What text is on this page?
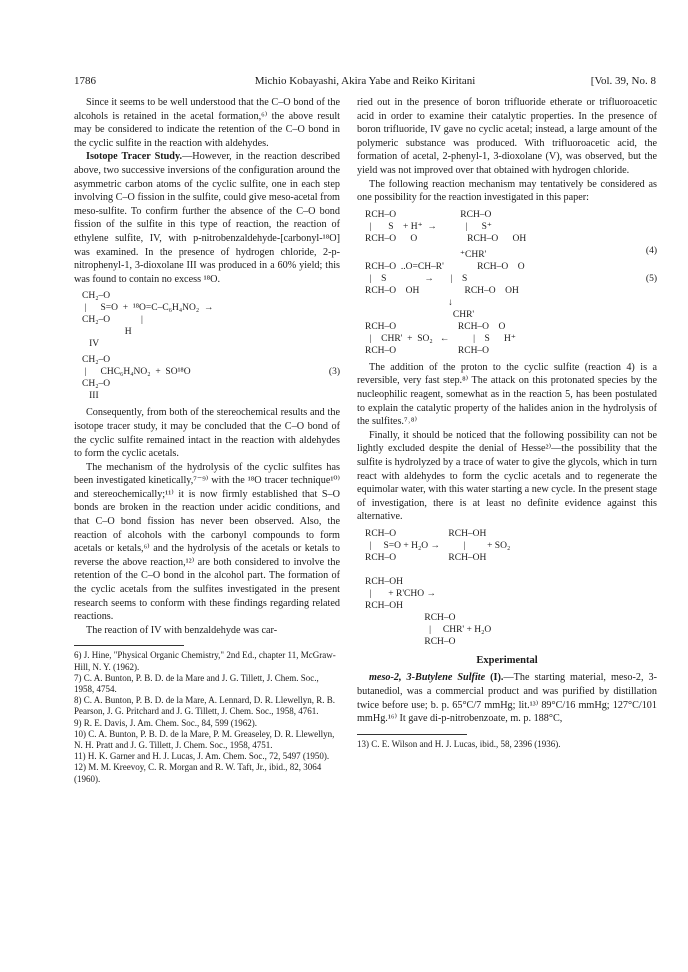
1786	Michio Kobayashi, Akira Yabe and Reiko Kiritani	[Vol. 39, No. 8

Since it seems to be well understood that the C–O bond of the alcohols is retained in the acetal formation,⁶⁾ the above result may be considered to indicate the retention of the C–O bond in the cyclic sulfite in the reaction with aldehydes.

Isotope Tracer Study.—However, in the reaction described above, two successive inversions of the configuration around the asymmetric carbon atoms of the cyclic sulfite, one in each step involving C–O fission in the sulfite, could give meso-acetal from meso-sulfite. To confirm further the absence of the C–O bond fission of the sulfite in this type of reaction, the reaction of ethylene sulfite, IV, with p-nitrobenzaldehyde-[carbonyl-¹⁸O] was examined. In the presence of hydrogen chloride, 2-p-nitrophenyl-1, 3-dioxolane III was produced in a 60% yield; this was found to contain no excess ¹⁸O.

CH₂–O
|      S=O  +  ¹⁸O=C–C₆H₄NO₂  →
CH₂–O             |
H
IV
CH₂–O
|      CHC₆H₄NO₂  +  SO¹⁸O
CH₂–O
III
(3)

Consequently, from both of the stereochemical results and the isotope tracer study, it may be concluded that the C–O bond of the cyclic sulfite remained intact in the reaction with aldehydes to form the cyclic acetals.

The mechanism of the hydrolysis of the cyclic sulfites has been investigated kinetically,⁷⁻⁹⁾ with the ¹⁸O tracer technique¹⁰⁾ and stereochemically;¹¹⁾ it is now firmly established that S–O bonds are broken in the reaction under acidic conditions, and that C–O bond fission has never been observed. Also, the reaction of alcohols with the carbonyl compounds to form acetals or ketals,⁶⁾ and the hydrolysis of the acetals or ketals to reverse the above reaction,¹²⁾ are both considered to involve the retention of the C–O bond in the alcohol part. The formation of the cyclic acetals from the sulfites investigated in the present research seems to conform with these findings regarding related reactions.

The reaction of IV with benzaldehyde was car-

6) J. Hine, "Physical Organic Chemistry," 2nd Ed., chapter 11, McGraw-Hill, N. Y. (1962).
7) C. A. Bunton, P. B. D. de la Mare and J. G. Tillett, J. Chem. Soc., 1958, 4754.
8) C. A. Bunton, P. B. D. de la Mare, A. Lennard, D. R. Llewellyn, R. B. Pearson, J. G. Pritchard and J. G. Tillett, J. Chem. Soc., 1958, 4761.
9) R. E. Davis, J. Am. Chem. Soc., 84, 599 (1962).
10) C. A. Bunton, P. B. D. de la Mare, P. M. Greaseley, D. R. Llewellyn, N. H. Pratt and J. G. Tillett, J. Chem. Soc., 1958, 4751.
11) H. K. Garner and H. J. Lucas, J. Am. Chem. Soc., 72, 5497 (1950).
12) M. M. Kreevoy, C. R. Morgan and R. W. Taft, Jr., ibid., 82, 3064 (1960).

ried out in the presence of boron trifluoride etherate or trifluoroacetic acid in order to examine their catalytic properties. In the presence of boron trifluoride, IV gave no cyclic acetal; instead, a large amount of the polymeric substance was produced. With trifluoroacetic acid, the formation of acetal, 2-phenyl-1, 3-dioxolane (V), was observed, but the yield was not improved over that obtained with hydrogen chloride.

The following reaction mechanism may tentatively be considered as one possibility for the reaction investigated in this paper:

RCH–O                           RCH–O
|       S    + H⁺  →            |      S⁺
RCH–O      O                     RCH–O      OH
(4)
⁺CHR'
RCH–O  ..O=CH–R'              RCH–O    O
|    S                →       |    S
RCH–O    OH                   RCH–O    OH
↓
CHR'
RCH–O                          RCH–O    O
|    CHR'  +  SO₂   ←          |    S      H⁺
RCH–O                          RCH–O
(5)

The addition of the proton to the cyclic sulfite (reaction 4) is a reversible, very fast step.⁸⁾ The attack on this protonated species by the nucleophilic reagent, somewhat as in the reaction 5, has been postulated to explain the catalytic property of the halides anion in the hydrolysis of the sulfites.⁷˒⁸⁾

Finally, it should be noticed that the following possibility can not be lightly excluded despite the denial of Hesse²⁾—the possibility that the sulfite is hydrolyzed by a trace of water to give the glycols, which in turn react with aldehydes to form the cyclic acetals and to regenerate the equimolar water, with this water starting a new cycle. In the present stage of investigation, there is at least no definite evidence against this alternative.

RCH–O                      RCH–OH
|     S=O + H₂O →          |         + SO₂
RCH–O                      RCH–OH

RCH–OH
|       + R'CHO →
RCH–OH
RCH–O
|     CHR' + H₂O
RCH–O
Experimental

meso-2, 3-Butylene Sulfite (I).—The starting material, meso-2, 3-butanediol, was a commercial product and was purified by distillation twice before use; b. p. 65°C/7 mmHg; lit.¹³⁾ 89°C/16 mmHg; 127°C/101 mmHg.¹⁶⁾ It gave di-p-nitrobenzoate, m. p. 188°C,

13) C. E. Wilson and H. J. Lucas, ibid., 58, 2396 (1936).
